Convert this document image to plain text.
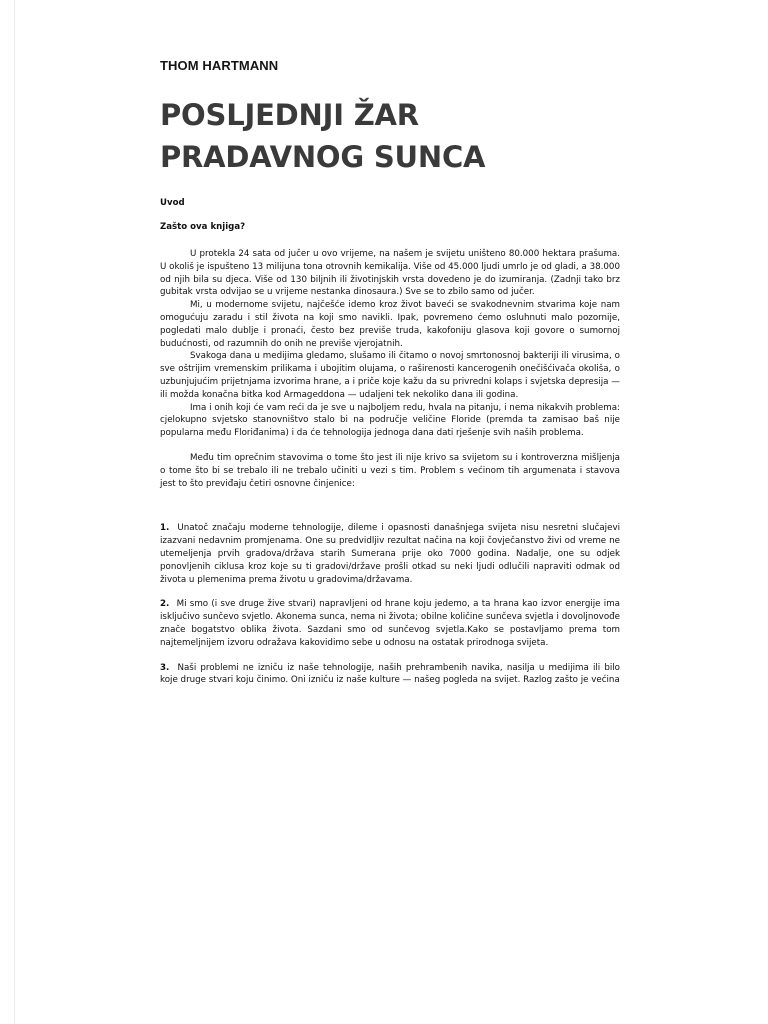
THOM HARTMANN
POSLJEDNJI ŽAR
PRADAVNOG SUNCA

Uvod

Zašto ova knjiga?

U protekla 24 sata od jučer u ovo vrijeme, na našem je svijetu uništeno 80.000 hektara prašuma. U okoliš je ispušteno 13 milijuna tona otrovnih kemikalija. Više od 45.000 ljudi umrlo je od gladi, a 38.000 od njih bila su djeca. Više od 130 biljnih ili životinjskih vrsta dovedeno je do izumiranja. (Zadnji tako brz gubitak vrsta odvijao se u vrijeme nestanka dinosaura.) Sve se to zbilo samo od jučer.

Mi, u modernome svijetu, najčešće idemo kroz život baveći se svakodnevnim stvarima koje nam omogućuju zaradu i stil života na koji smo navikli. Ipak, povremeno ćemo osluhnuti malo pozornije, pogledati malo dublje i pronaći, često bez previše truda, kakofoniju glasova koji govore o sumornoj budućnosti, od razumnih do onih ne previše vjerojatnih.

Svakoga dana u medijima gledamo, slušamo ili čitamo o novoj smrtonosnoj bakteriji ili virusima, o sve oštrijim vremenskim prilikama i ubojitim olujama, o raširenosti kancerogenih onečišćivača okoliša, o uzbunjujućim prijetnjama izvorima hrane, a i priče koje kažu da su privredni kolaps i svjetska depresija — ili možda konačna bitka kod Armageddona — udaljeni tek nekoliko dana ili godina.

Ima i onih koji će vam reći da je sve u najboljem redu, hvala na pitanju, i nema nikakvih problema: cjelokupno svjetsko stanovništvo stalo bi na područje veličine Floride (premda ta zamisao baš nije popularna među Floriđanima) i da će tehnologija jednoga dana dati rješenje svih naših problema.

Među tim oprečnim stavovima o tome što jest ili nije krivo sa svijetom su i kontroverzna mišljenja o tome što bi se trebalo ili ne trebalo učiniti u vezi s tim. Problem s većinom tih argumenata i stavova jest to što previđaju četiri osnovne činjenice:

1. Unatoč značaju moderne tehnologije, dileme i opasnosti današnjega svijeta nisu nesretni slučajevi izazvani nedavnim promjenama. One su predvidljiv rezultat načina na koji čovječanstvo živi od vreme ne utemeljenja prvih gradova/država starih Sumerana prije oko 7000 godina. Nadalje, one su odjek ponovljenih ciklusa kroz koje su ti gradovi/države prošli otkad su neki ljudi odlučili napraviti odmak od života u plemenima prema životu u gradovima/državama.

2. Mi smo (i sve druge žive stvari) napravljeni od hrane koju jedemo, a ta hrana kao izvor energije ima isključivo sunčevo svjetlo. Akonema sunca, nema ni života; obilne količine sunčeva svjetla i dovoljnovođe znače bogatstvo oblika života. Sazdani smo od sunčevog svjetla.Kako se postavljamo prema tom najtemeljnijem izvoru odražava kakovidimo sebe u odnosu na ostatak prirodnoga svijeta.

3. Naši problemi ne izniču iz naše tehnologije, naših prehrambenih navika, nasilja u medijima ili bilo koje druge stvari koju činimo. Oni izniču iz naše kulture — našeg pogleda na svijet. Razlog zašto je većina
